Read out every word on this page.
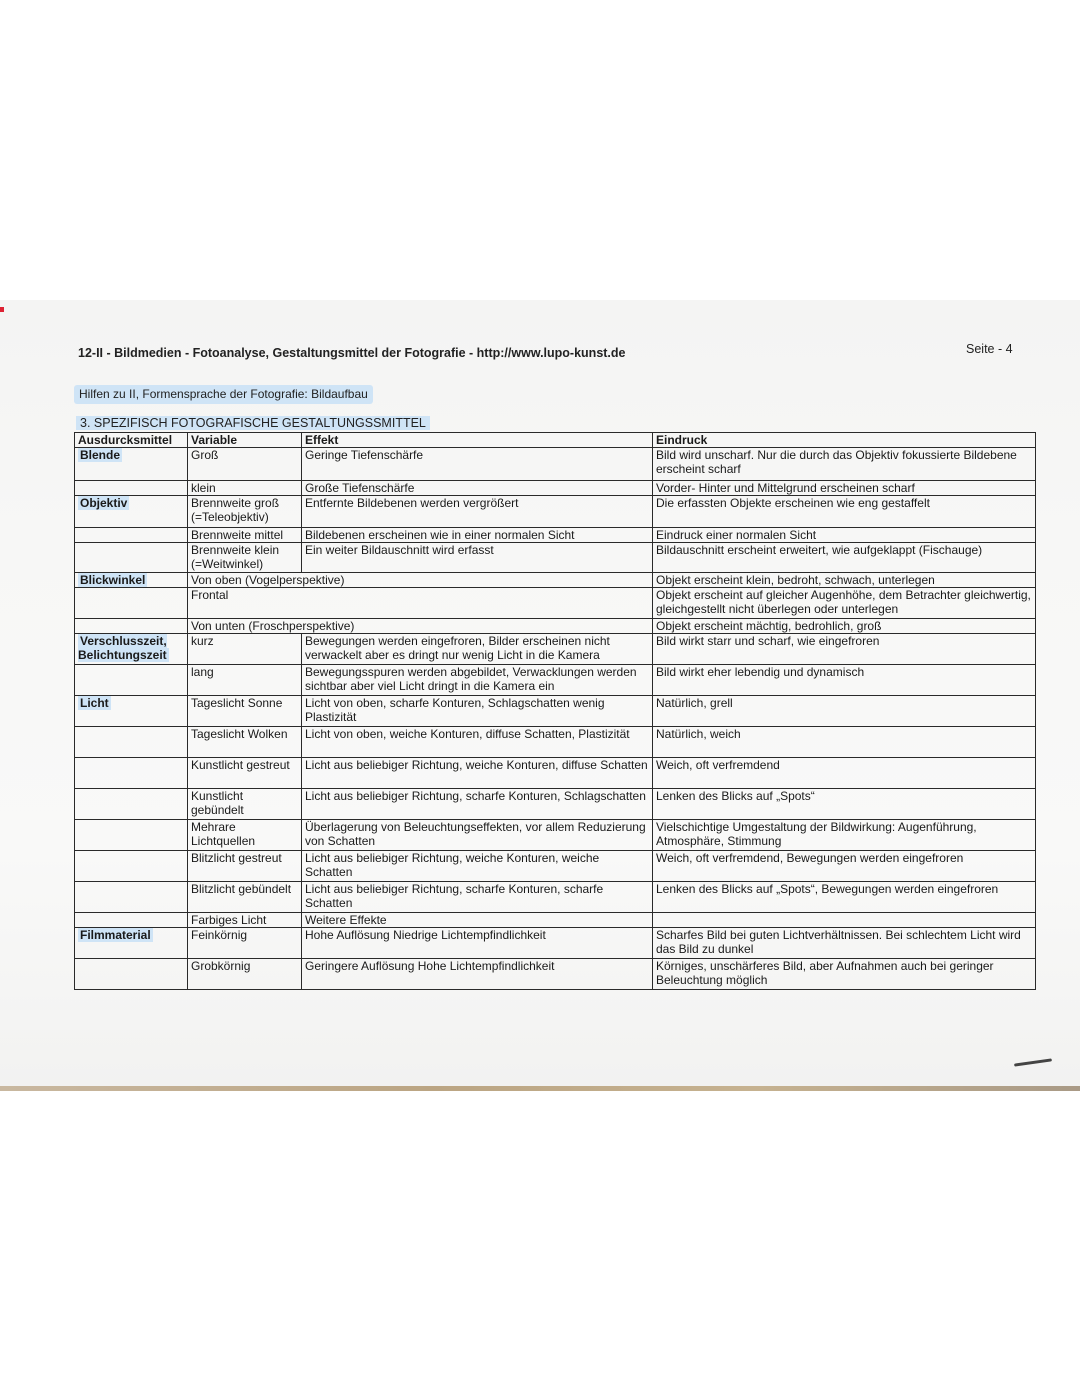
12-II - Bildmedien - Fotoanalyse, Gestaltungsmittel der Fotografie - http://www.lupo-kunst.de	Seite - 4
Hilfen zu II, Formensprache der Fotografie: Bildaufbau
3. SPEZIFISCH FOTOGRAFISCHE GESTALTUNGSSMITTEL
Ausdurcksmittel	Variable	Effekt	Eindruck
Blende	Groß	Geringe Tiefenschärfe	Bild wird unscharf. Nur die durch das Objektiv fokussierte Bildebene erscheint scharf
	klein	Große Tiefenschärfe	Vorder- Hinter und Mittelgrund erscheinen scharf
Objektiv	Brennweite groß (=Teleobjektiv)	Entfernte Bildebenen werden vergrößert	Die erfassten Objekte erscheinen wie eng gestaffelt
	Brennweite mittel	Bildebenen erscheinen wie in einer normalen Sicht	Eindruck einer normalen Sicht
	Brennweite klein (=Weitwinkel)	Ein weiter Bildauschnitt wird erfasst	Bildauschnitt erscheint erweitert, wie aufgeklappt (Fischauge)
Blickwinkel	Von oben (Vogelperspektive)		Objekt erscheint klein, bedroht, schwach, unterlegen
	Frontal		Objekt erscheint auf gleicher Augenhöhe, dem Betrachter gleichwertig, gleichgestellt nicht überlegen oder unterlegen
	Von unten (Froschperspektive)		Objekt erscheint mächtig, bedrohlich, groß
Verschlusszeit, Belichtungszeit	kurz	Bewegungen werden eingefroren, Bilder erscheinen nicht verwackelt aber es dringt nur wenig Licht in die Kamera	Bild wirkt starr und scharf, wie eingefroren
	lang	Bewegungsspuren werden abgebildet, Verwacklungen werden sichtbar aber viel Licht dringt in die Kamera ein	Bild wirkt eher lebendig und dynamisch
Licht	Tageslicht Sonne	Licht von oben, scharfe Konturen, Schlagschatten wenig Plastizität	Natürlich, grell
	Tageslicht Wolken	Licht von oben, weiche Konturen, diffuse Schatten, Plastizität	Natürlich, weich
	Kunstlicht gestreut	Licht aus beliebiger Richtung, weiche Konturen, diffuse Schatten	Weich, oft verfremdend
	Kunstlicht gebündelt	Licht aus beliebiger Richtung, scharfe Konturen, Schlagschatten	Lenken des Blicks auf „Spots“
	Mehrare Lichtquellen	Überlagerung von Beleuchtungseffekten, vor allem Reduzierung von Schatten	Vielschichtige Umgestaltung der Bildwirkung: Augenführung, Atmosphäre, Stimmung
	Blitzlicht gestreut	Licht aus beliebiger Richtung, weiche Konturen, weiche Schatten	Weich, oft verfremdend, Bewegungen werden eingefroren
	Blitzlicht gebündelt	Licht aus beliebiger Richtung, scharfe Konturen, scharfe Schatten	Lenken des Blicks auf „Spots“, Bewegungen werden eingefroren
	Farbiges Licht	Weitere Effekte	
Filmmaterial	Feinkörnig	Hohe Auflösung Niedrige Lichtempfindlichkeit	Scharfes Bild bei guten Lichtverhältnissen. Bei schlechtem Licht wird das Bild zu dunkel
	Grobkörnig	Geringere Auflösung Hohe Lichtempfindlichkeit	Körniges, unschärferes Bild, aber Aufnahmen auch bei geringer Beleuchtung möglich
